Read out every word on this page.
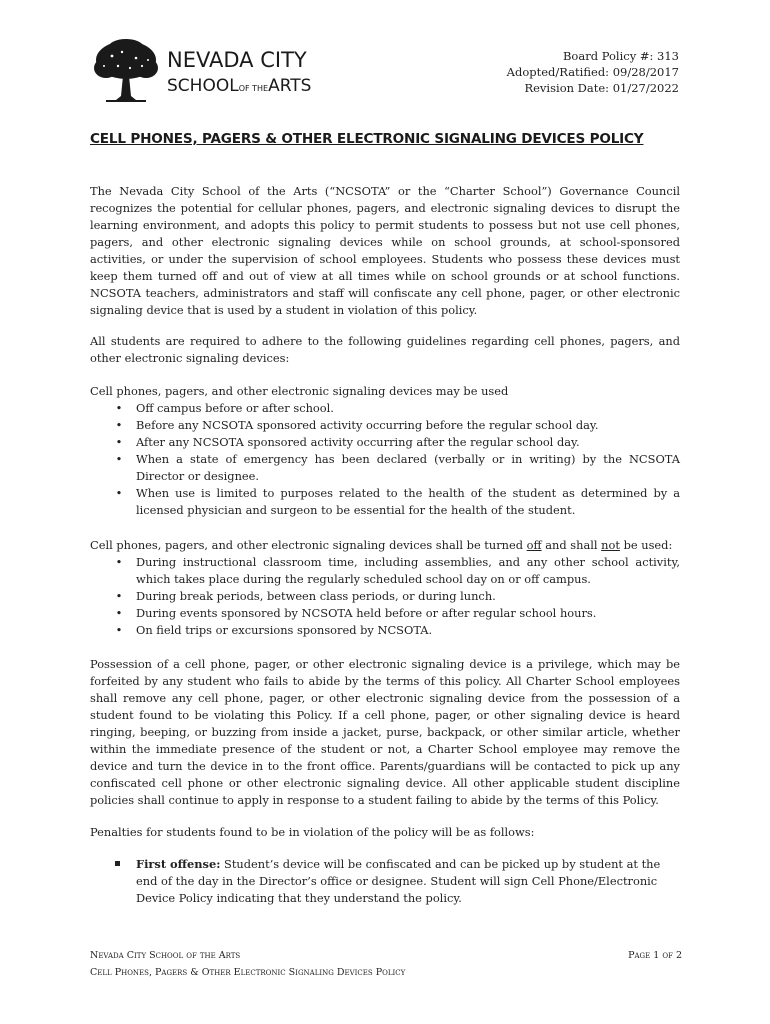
NEVADA CITY
SCHOOLOF THEARTS
Board Policy #: 313
Adopted/Ratified: 09/28/2017
Revision Date: 01/27/2022
CELL PHONES, PAGERS & OTHER ELECTRONIC SIGNALING DEVICES POLICY

The Nevada City School of the Arts (“NCSOTA” or the “Charter School”) Governance Council recognizes the potential for cellular phones, pagers, and electronic signaling devices to disrupt the learning environment, and adopts this policy to permit students to possess but not use cell phones, pagers, and other electronic signaling devices while on school grounds, at school-sponsored activities, or under the supervision of school employees. Students who possess these devices must keep them turned off and out of view at all times while on school grounds or at school functions. NCSOTA teachers, administrators and staff will confiscate any cell phone, pager, or other electronic signaling device that is used by a student in violation of this policy.

All students are required to adhere to the following guidelines regarding cell phones, pagers, and other electronic signaling devices:

Cell phones, pagers, and other electronic signaling devices may be used

• Off campus before or after school.
• Before any NCSOTA sponsored activity occurring before the regular school day.
• After any NCSOTA sponsored activity occurring after the regular school day.
• When a state of emergency has been declared (verbally or in writing) by the NCSOTA Director or designee.
• When use is limited to purposes related to the health of the student as determined by a licensed physician and surgeon to be essential for the health of the student.

Cell phones, pagers, and other electronic signaling devices shall be turned off and shall not be used:

• During instructional classroom time, including assemblies, and any other school activity, which takes place during the regularly scheduled school day on or off campus.
• During break periods, between class periods, or during lunch.
• During events sponsored by NCSOTA held before or after regular school hours.
• On field trips or excursions sponsored by NCSOTA.

Possession of a cell phone, pager, or other electronic signaling device is a privilege, which may be forfeited by any student who fails to abide by the terms of this policy. All Charter School employees shall remove any cell phone, pager, or other electronic signaling device from the possession of a student found to be violating this Policy. If a cell phone, pager, or other signaling device is heard ringing, beeping, or buzzing from inside a jacket, purse, backpack, or other similar article, whether within the immediate presence of the student or not, a Charter School employee may remove the device and turn the device in to the front office. Parents/guardians will be contacted to pick up any confiscated cell phone or other electronic signaling device. All other applicable student discipline policies shall continue to apply in response to a student failing to abide by the terms of this Policy.

Penalties for students found to be in violation of the policy will be as follows:

First offense: Student’s device will be confiscated and can be picked up by student at the end of the day in the Director’s office or designee. Student will sign Cell Phone/Electronic Device Policy indicating that they understand the policy.
Nevada City School of the Arts
Cell Phones, Pagers & Other Electronic Signaling Devices Policy
Page 1 of 2
